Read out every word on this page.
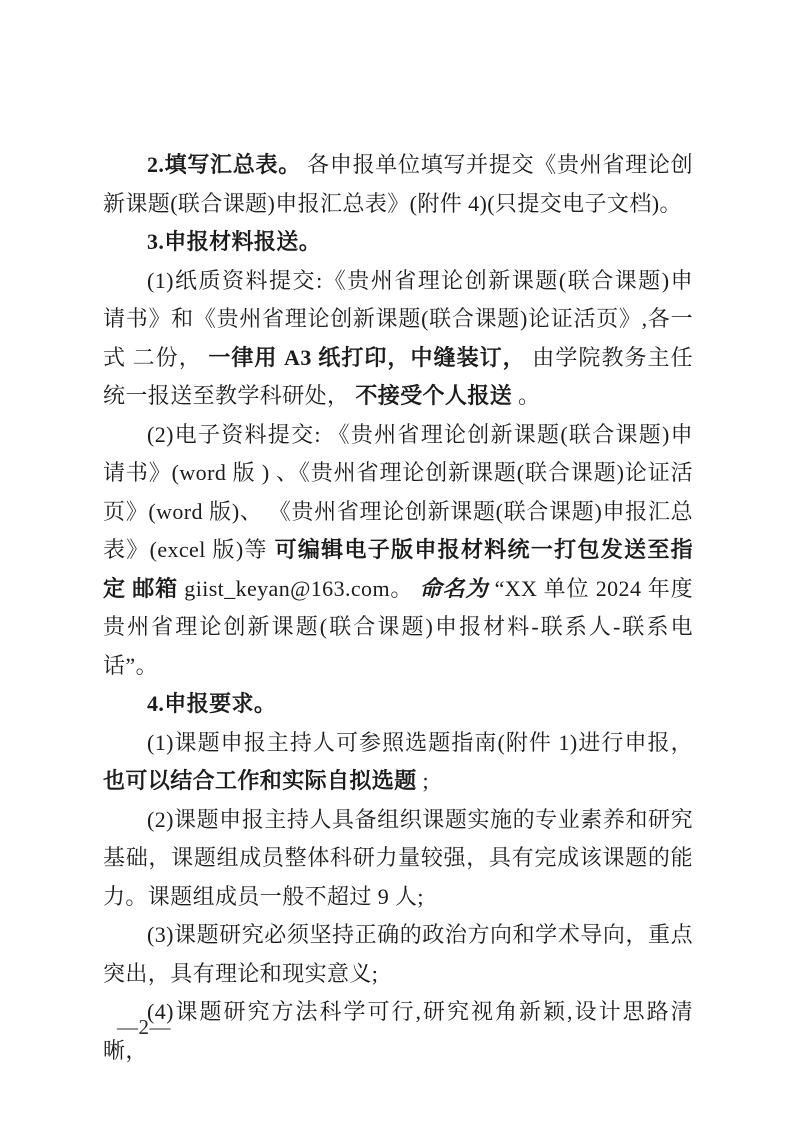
2.填写汇总表。 各申报单位填写并提交《贵州省理论创新课题(联合课题)申报汇总表》(附件 4)(只提交电子文档)。

3.申报材料报送。

(1)纸质资料提交:《贵州省理论创新课题(联合课题)申 请书》和《贵州省理论创新课题(联合课题)论证活页》,各一式 二份， 一律用 A3 纸打印，中缝装订， 由学院教务主任统一报送至教学科研处， 不接受个人报送 。

(2)电子资料提交: 《贵州省理论创新课题(联合课题)申请书》(word 版 ) 、《贵州省理论创新课题(联合课题)论证活 页》(word 版)、 《贵州省理论创新课题(联合课题)申报汇总表》(excel 版)等 可编辑电子版申报材料统一打包发送至指定 邮箱 giist_keyan@163.com。 命名为 “XX 单位 2024 年度贵州省理论创新课题(联合课题)申报材料-联系人-联系电话”。

4.申报要求。

(1)课题申报主持人可参照选题指南(附件 1)进行申报， 也可以结合工作和实际自拟选题 ;

(2)课题申报主持人具备组织课题实施的专业素养和研究基础，课题组成员整体科研力量较强，具有完成该课题的能力。课题组成员一般不超过 9 人;

(3)课题研究必须坚持正确的政治方向和学术导向，重点突出，具有理论和现实意义;

(4)课题研究方法科学可行,研究视角新颖,设计思路清晰，

—2—
